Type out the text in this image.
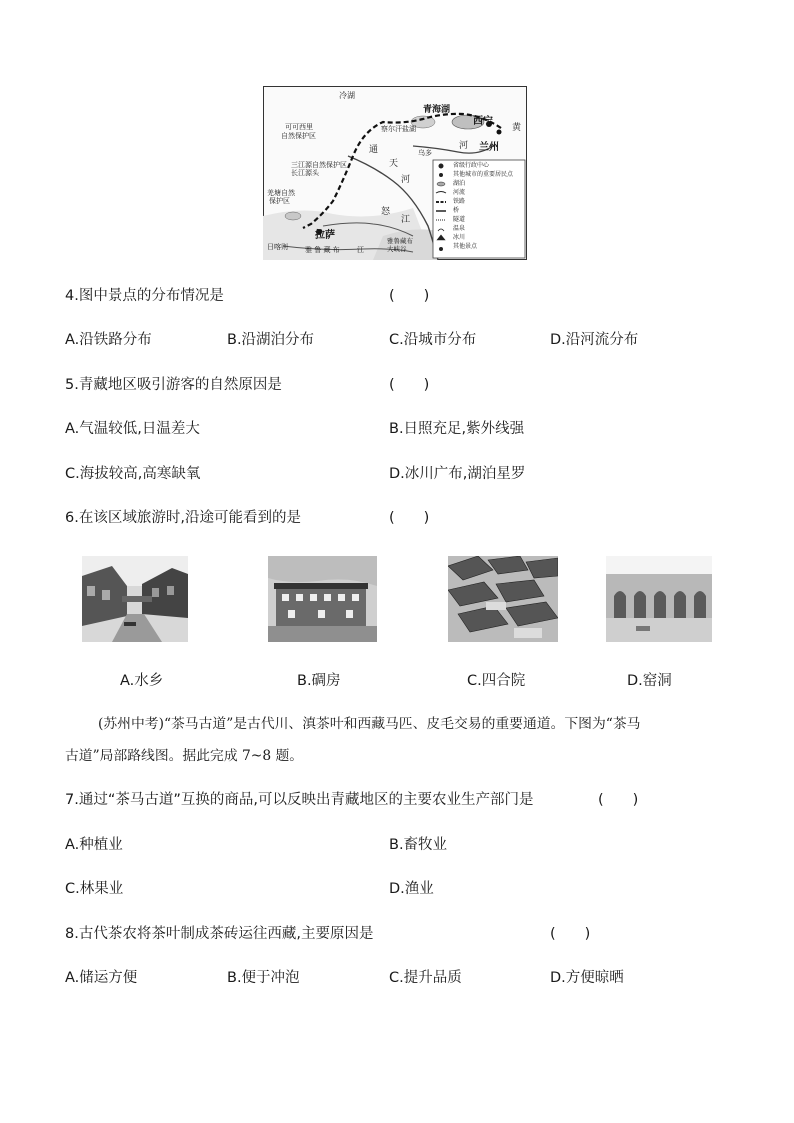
冷湖
可可西里
自然保护区
青海湖
西宁
黄
兰州
河
察尔汗盐湖
通
天
河
乌多
三江源自然保护区
长江源头
羌塘自然
保护区
怒
江
拉萨
日喀则 雅 鲁 藏 布 江
雅鲁藏布
大峡谷
省级行政中心
其他城市的重要居民点
湖泊
河流
铁路
桥
隧道
温泉
冰川
其他景点
4.图中景点的分布情况是	(　　)
A.沿铁路分布	B.沿湖泊分布	C.沿城市分布	D.沿河流分布
5.青藏地区吸引游客的自然原因是	(　　)
A.气温较低,日温差大	B.日照充足,紫外线强
C.海拔较高,高寒缺氧	D.冰川广布,湖泊星罗
6.在该区域旅游时,沿途可能看到的是	(　　)
A.水乡	B.碉房	C.四合院	D.窑洞
(苏州中考)“茶马古道”是古代川、滇茶叶和西藏马匹、皮毛交易的重要通道。下图为“茶马
古道”局部路线图。据此完成 7~8 题。
7.通过“茶马古道”互换的商品,可以反映出青藏地区的主要农业生产部门是	(　　)
A.种植业	B.畜牧业
C.林果业	D.渔业
8.古代茶农将茶叶制成茶砖运往西藏,主要原因是	(　　)
A.储运方便	B.便于冲泡	C.提升品质	D.方便晾晒
